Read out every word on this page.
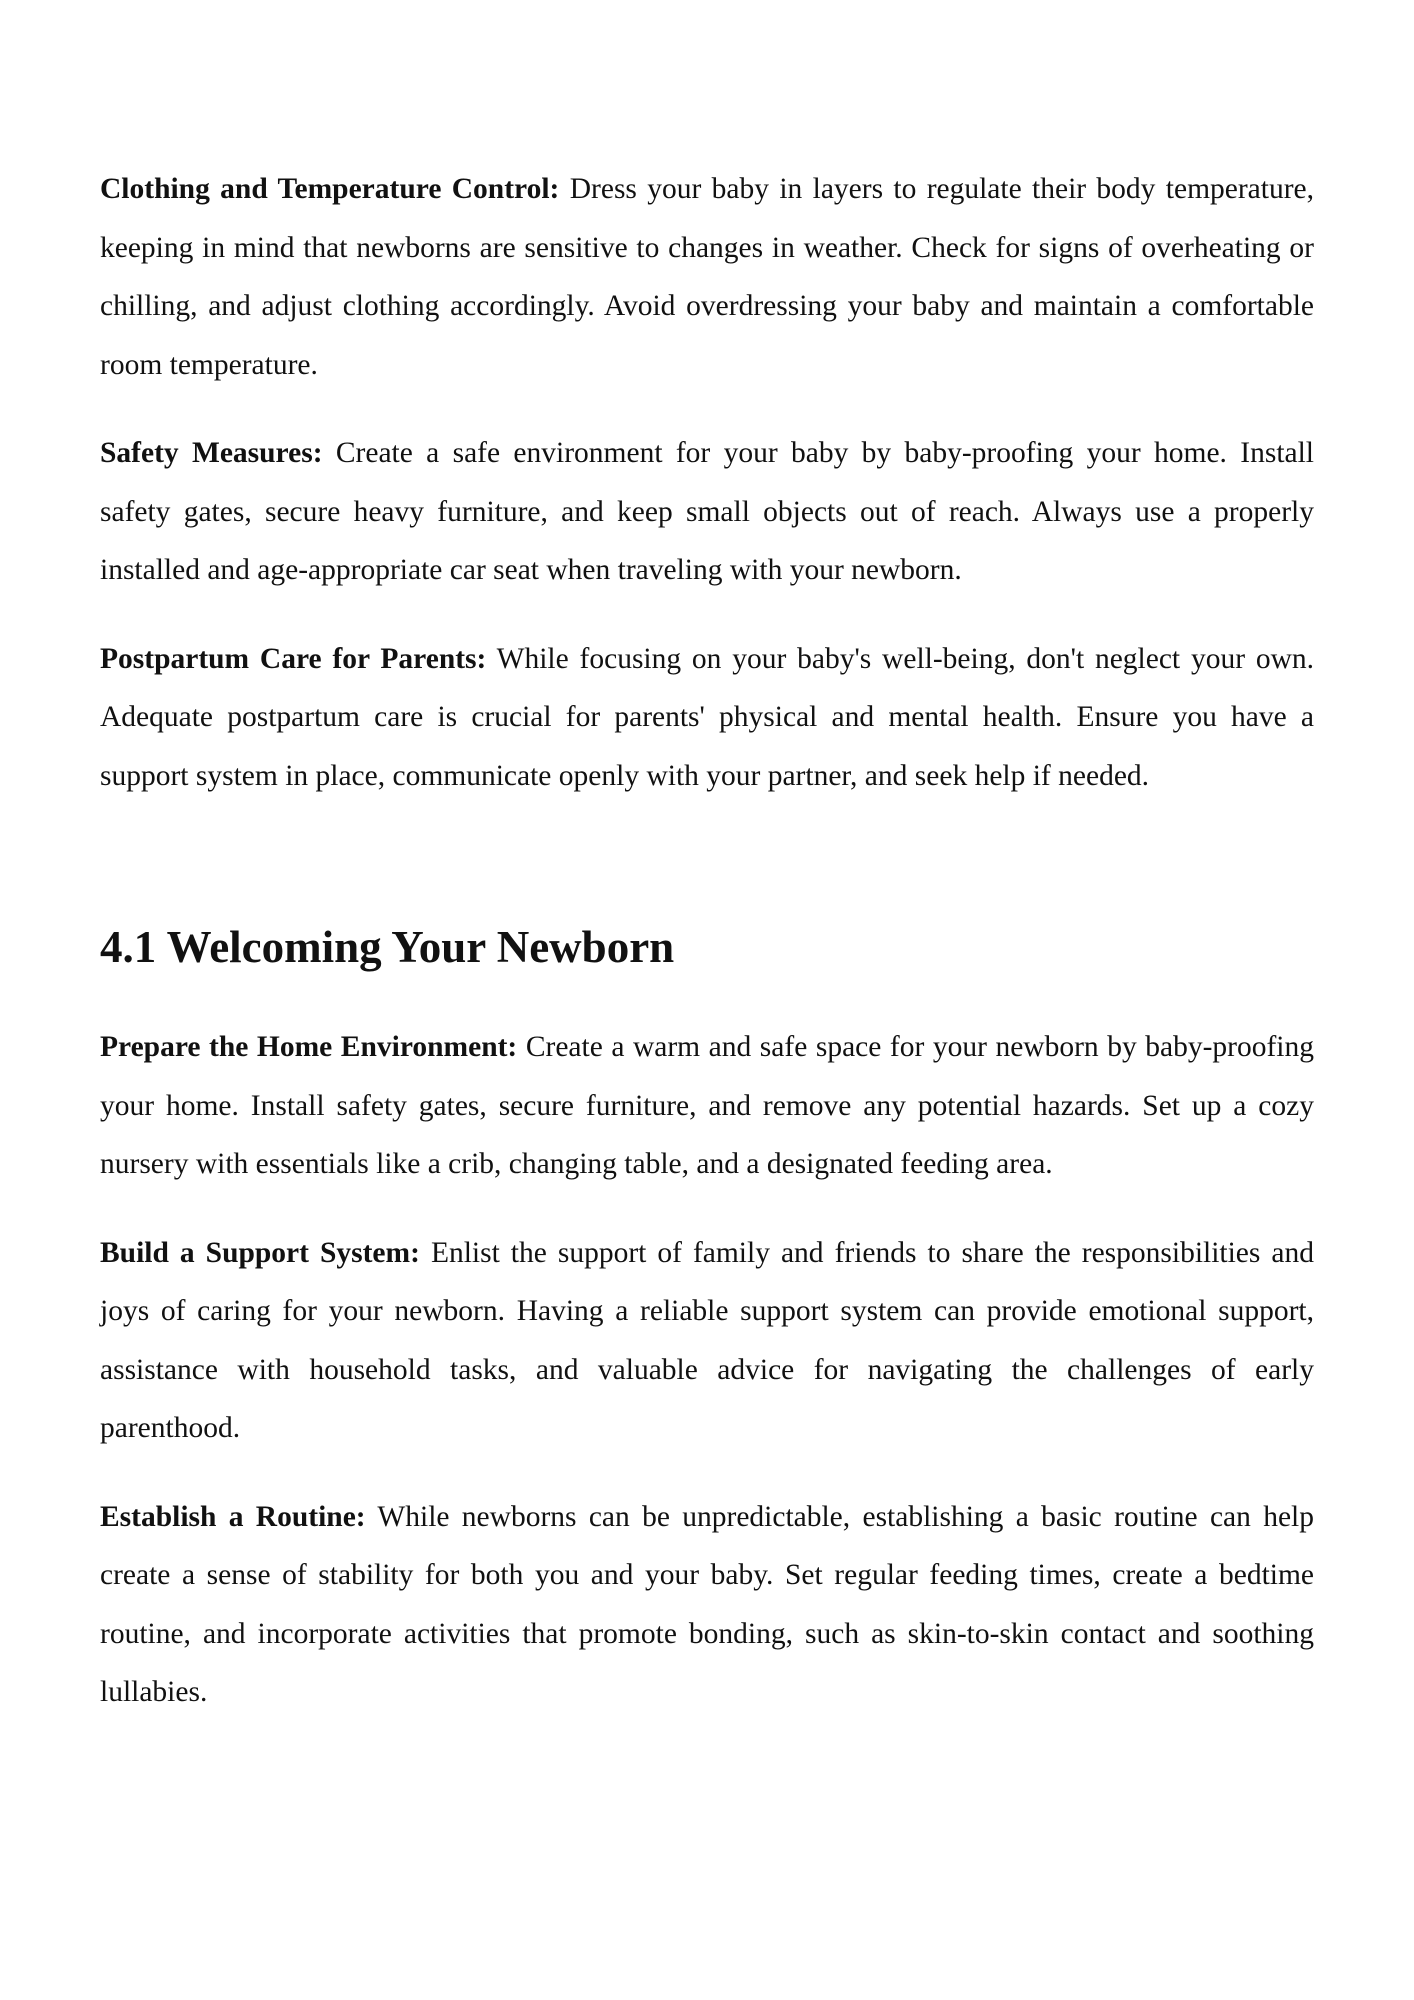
Clothing and Temperature Control: Dress your baby in layers to regulate their body temperature, keeping in mind that newborns are sensitive to changes in weather. Check for signs of overheating or chilling, and adjust clothing accordingly. Avoid overdressing your baby and maintain a comfortable room temperature.

Safety Measures: Create a safe environment for your baby by baby-proofing your home. Install safety gates, secure heavy furniture, and keep small objects out of reach. Always use a properly installed and age-appropriate car seat when traveling with your newborn.

Postpartum Care for Parents: While focusing on your baby's well-being, don't neglect your own. Adequate postpartum care is crucial for parents' physical and mental health. Ensure you have a support system in place, communicate openly with your partner, and seek help if needed.

4.1 Welcoming Your Newborn

Prepare the Home Environment: Create a warm and safe space for your newborn by baby-proofing your home. Install safety gates, secure furniture, and remove any potential hazards. Set up a cozy nursery with essentials like a crib, changing table, and a designated feeding area.

Build a Support System: Enlist the support of family and friends to share the responsibilities and joys of caring for your newborn. Having a reliable support system can provide emotional support, assistance with household tasks, and valuable advice for navigating the challenges of early parenthood.

Establish a Routine: While newborns can be unpredictable, establishing a basic routine can help create a sense of stability for both you and your baby. Set regular feeding times, create a bedtime routine, and incorporate activities that promote bonding, such as skin-to-skin contact and soothing lullabies.
